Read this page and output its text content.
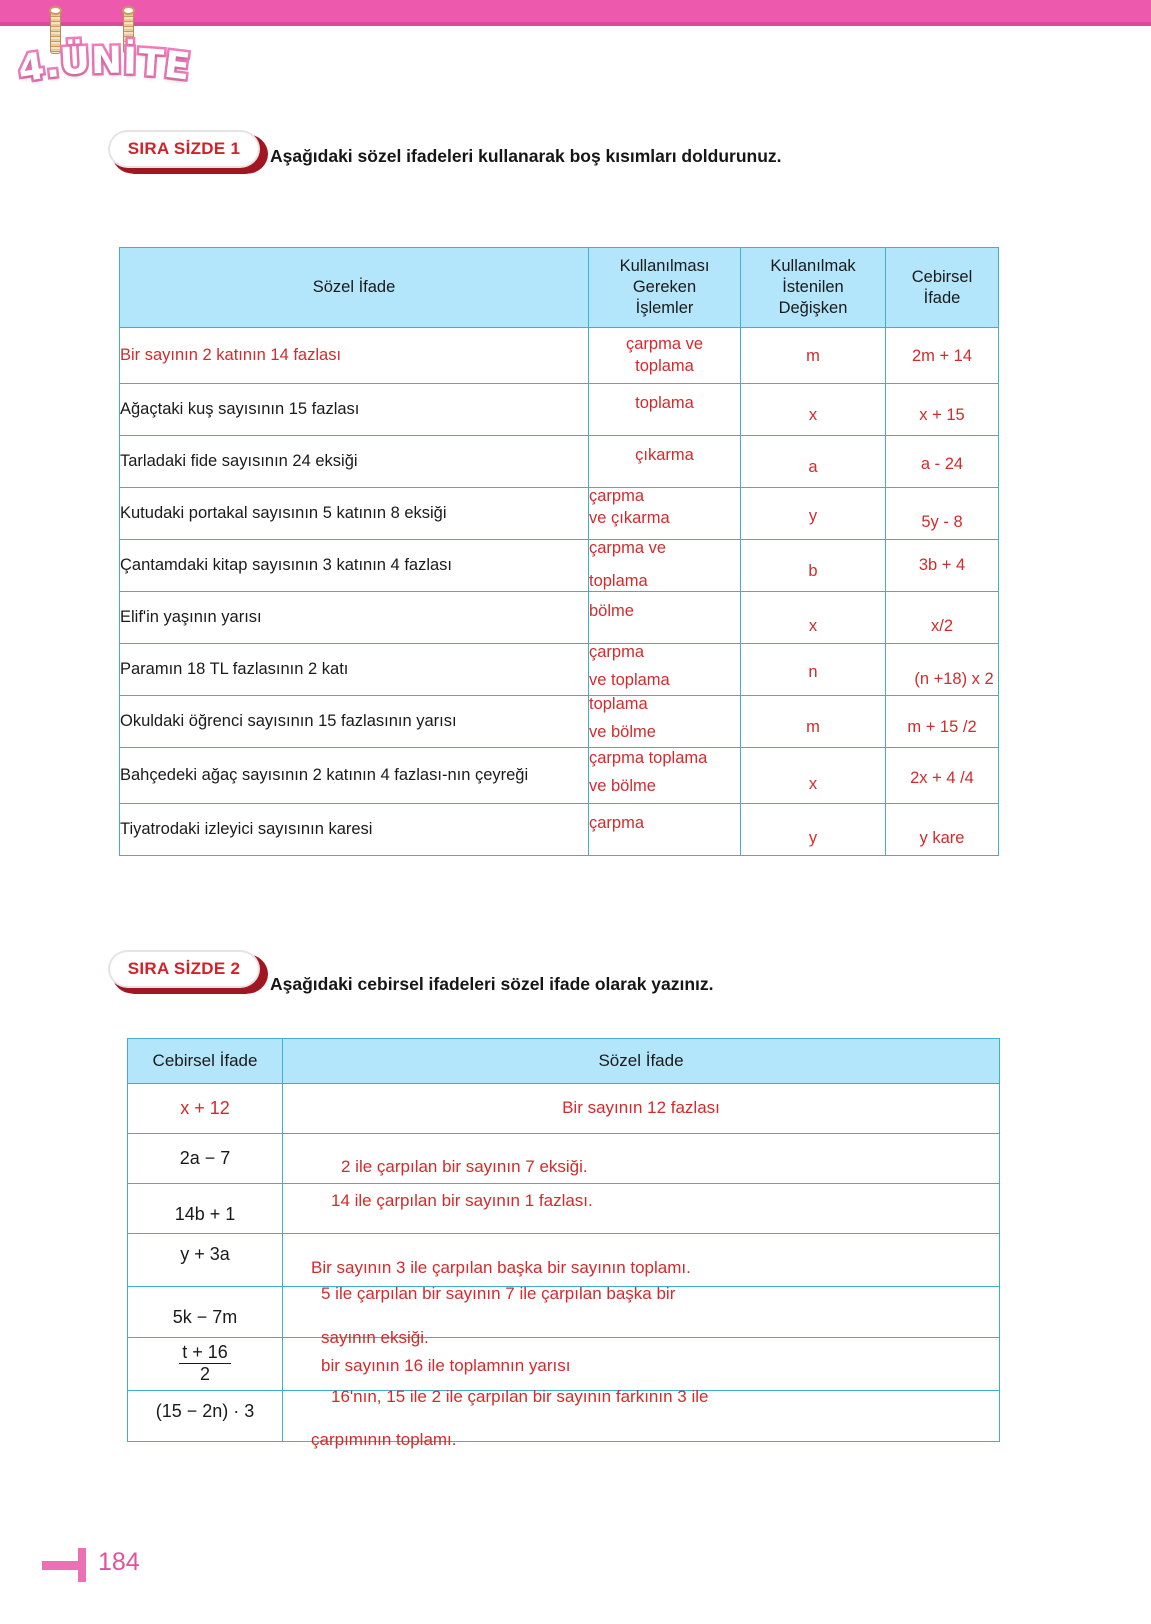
4.ÜNİTE
SIRA SİZDE 1 Aşağıdaki sözel ifadeleri kullanarak boş kısımları doldurunuz.
Sözel İfade	Kullanılması
Gereken
İşlemler	Kullanılmak
İstenilen
Değişken	Cebirsel
İfade
Bir sayının 2 katının 14 fazlası	çarpma ve
toplama	m	2m + 14
Ağaçtaki kuş sayısının 15 fazlası	toplama	x	x + 15
Tarladaki fide sayısının 24 eksiği	çıkarma	a	a - 24
Kutudaki portakal sayısının 5 katının 8 eksiği	çarpma
ve çıkarma	y	5y - 8
Çantamdaki kitap sayısının 3 katının 4 fazlası	çarpma ve
toplama	b	3b + 4
Elif'in yaşının yarısı	bölme	x	x/2
Paramın 18 TL fazlasının 2 katı	çarpma
ve toplama	n	(n +18) x 2
Okuldaki öğrenci sayısının 15 fazlasının yarısı	toplama
ve bölme	m	m + 15 /2
Bahçedeki ağaç sayısının 2 katının 4 fazlası-nın çeyreği	çarpma toplama
ve bölme	x	2x + 4 /4
Tiyatrodaki izleyici sayısının karesi	çarpma	y	y kare
SIRA SİZDE 2
Aşağıdaki cebirsel ifadeleri sözel ifade olarak yazınız.
Cebirsel İfade	Sözel İfade
x + 12	Bir sayının 12 fazlası
2a − 7	2 ile çarpılan bir sayının 7 eksiği.
14b + 1	14 ile çarpılan bir sayının 1 fazlası.
y + 3a	Bir sayının 3 ile çarpılan başka bir sayının toplamı.
5k − 7m	5 ile çarpılan bir sayının 7 ile çarpılan başka bir
sayının eksiği.

$\frac{t + 16}{2}$	bir sayının 16 ile toplamnın yarısı
(15 − 2n) · 3	16'nın, 15 ile 2 ile çarpılan bir sayının farkının 3 ile
çarpımının toplamı.
184
